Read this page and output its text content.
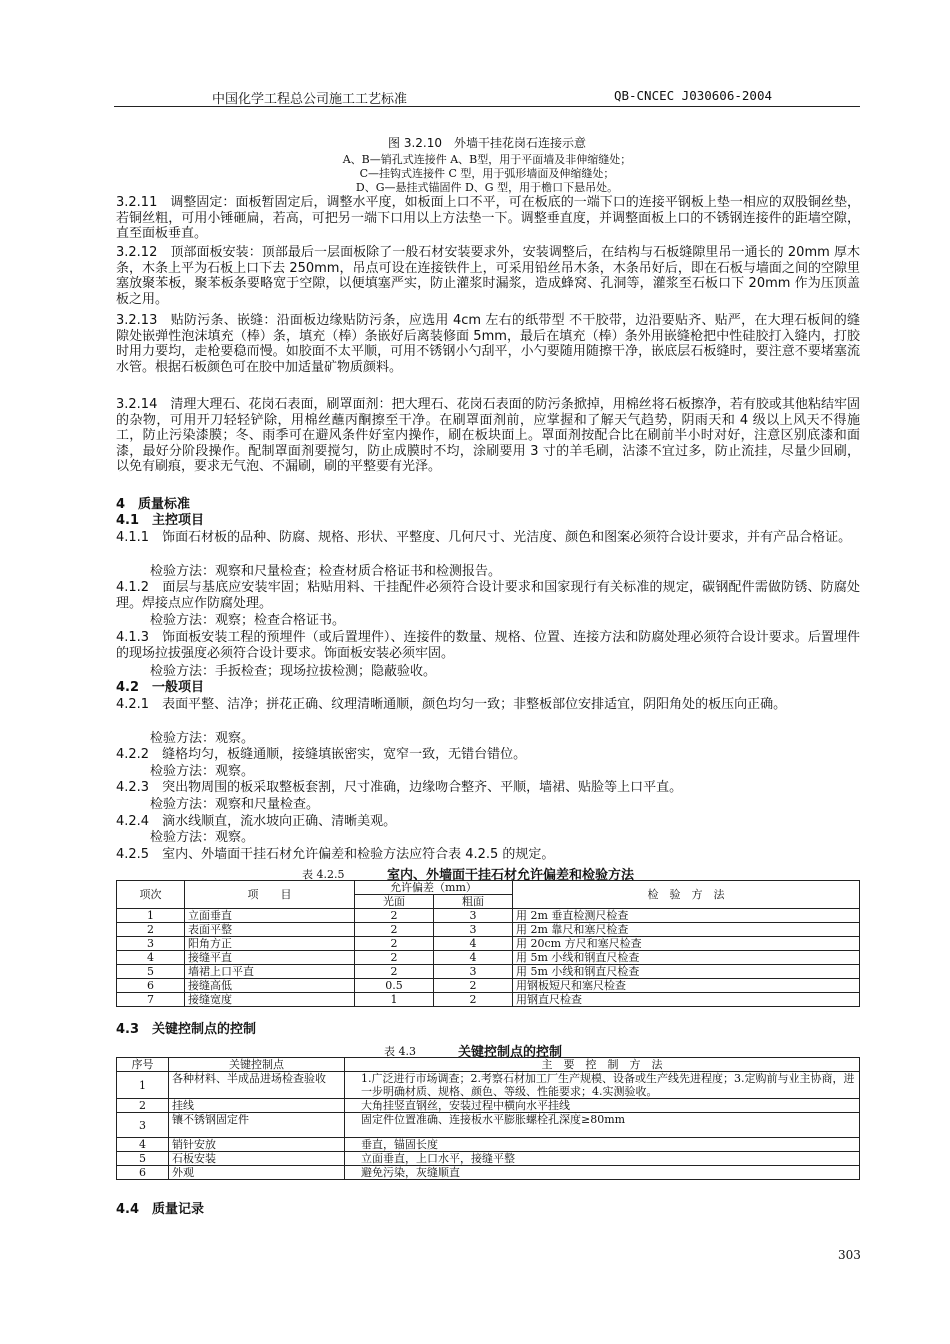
中国化学工程总公司施工工艺标准	QB-CNCEC J030606-2004
图 3.2.10　外墙干挂花岗石连接示意
A、B—销孔式连接件 A、B型，用于平面墙及非伸缩缝处；
C—挂钩式连接件 C 型，用于弧形墙面及伸缩缝处；
D、G—悬挂式锚固件 D、G 型，用于檐口下悬吊处。
3.2.11　调整固定：面板暂固定后，调整水平度，如板面上口不平，可在板底的一端下口的连接平钢板上垫一相应的双股铜丝垫，若铜丝粗，可用小锤砸扁，若高，可把另一端下口用以上方法垫一下。调整垂直度，并调整面板上口的不锈钢连接件的距墙空隙，直至面板垂直。
3.2.12　顶部面板安装：顶部最后一层面板除了一般石材安装要求外，安装调整后，在结构与石板缝隙里吊一通长的 20mm 厚木条，木条上平为石板上口下去 250mm，吊点可设在连接铁件上，可采用铅丝吊木条，木条吊好后，即在石板与墙面之间的空隙里塞放聚苯板，聚苯板条要略宽于空隙，以便填塞严实，防止灌浆时漏浆，造成蜂窝、孔洞等，灌浆至石板口下 20mm 作为压顶盖板之用。
3.2.13　贴防污条、嵌缝：沿面板边缘贴防污条，应选用 4cm 左右的纸带型 不干胶带，边沿要贴齐、贴严，在大理石板间的缝隙处嵌弹性泡沫填充（棒）条，填充（棒）条嵌好后离装修面 5mm，最后在填充（棒）条外用嵌缝枪把中性硅胶打入缝内，打胶时用力要均，走枪要稳而慢。如胶面不太平顺，可用不锈钢小勺刮平，小勺要随用随擦干净，嵌底层石板缝时，要注意不要堵塞流水管。根据石板颜色可在胶中加适量矿物质颜料。
3.2.14　清理大理石、花岗石表面，刷罩面剂：把大理石、花岗石表面的防污条掀掉，用棉丝将石板擦净，若有胶或其他粘结牢固的杂物，可用开刀轻轻铲除，用棉丝蘸丙酮擦至干净。在刷罩面剂前，应掌握和了解天气趋势，阴雨天和 4 级以上风天不得施工，防止污染漆膜；冬、雨季可在避风条件好室内操作，刷在板块面上。罩面剂按配合比在刷前半小时对好，注意区别底漆和面漆，最好分阶段操作。配制罩面剂要搅匀，防止成膜时不均，涂刷要用 3 寸的羊毛刷，沾漆不宜过多，防止流挂，尽量少回刷，以免有刷痕，要求无气泡、不漏刷，刷的平整要有光泽。
4　质量标准
4.1　主控项目
4.1.1　饰面石材板的品种、防腐、规格、形状、平整度、几何尺寸、光洁度、颜色和图案必须符合设计要求，并有产品合格证。
检验方法：观察和尺量检查；检查材质合格证书和检测报告。
4.1.2　面层与基底应安装牢固；粘贴用料、干挂配件必须符合设计要求和国家现行有关标准的规定，碳钢配件需做防锈、防腐处理。焊接点应作防腐处理。
检验方法：观察；检查合格证书。
4.1.3　饰面板安装工程的预埋件（或后置埋件）、连接件的数量、规格、位置、连接方法和防腐处理必须符合设计要求。后置埋件的现场拉拔强度必须符合设计要求。饰面板安装必须牢固。
检验方法：手扳检查；现场拉拔检测；隐蔽验收。
4.2　一般项目
4.2.1　表面平整、洁净；拼花正确、纹理清晰通顺，颜色均匀一致；非整板部位安排适宜，阴阳角处的板压向正确。
检验方法：观察。
4.2.2　缝格均匀，板缝通顺，接缝填嵌密实，宽窄一致，无错台错位。
检验方法：观察。
4.2.3　突出物周围的板采取整板套割，尺寸准确，边缘吻合整齐、平顺，墙裙、贴脸等上口平直。
检验方法：观察和尺量检查。
4.2.4　滴水线顺直，流水坡向正确、清晰美观。
检验方法：观察。
4.2.5　室内、外墙面干挂石材允许偏差和检验方法应符合表 4.2.5 的规定。
表 4.2.5	室内、外墙面干挂石材允许偏差和检验方法
项次	项　　目	允许偏差（mm）		检　验　方　法
		光面	粗面	
1	立面垂直	2	3	用 2m 垂直检测尺检查
2	表面平整	2	3	用 2m 靠尺和塞尺检查
3	阳角方正	2	4	用 20cm 方尺和塞尺检查
4	接缝平直	2	4	用 5m 小线和钢直尺检查
5	墙裙上口平直	2	3	用 5m 小线和钢直尺检查
6	接缝高低	0.5	2	用钢板短尺和塞尺检查
7	接缝宽度	1	2	用钢直尺检查
4.3　关键控制点的控制
表 4.3	关键控制点的控制
序号	关键控制点	主　要　控　制　方　法
1	各种材料、半成品进场检查验收	1.广泛进行市场调查；2.考察石材加工厂生产规模、设备或生产线先进程度；3.定购前与业主协商，进一步明确材质、规格、颜色、等级、性能要求；4.实测验收。
2	挂线	大角挂竖直钢丝，安装过程中横向水平挂线
3	镶不锈钢固定件	固定件位置准确、连接板水平膨胀螺栓孔深度≥80mm
4	销针安放	垂直，锚固长度
5	石板安装	立面垂直，上口水平，接缝平整
6	外观	避免污染，灰缝顺直
4.4　质量记录
303
